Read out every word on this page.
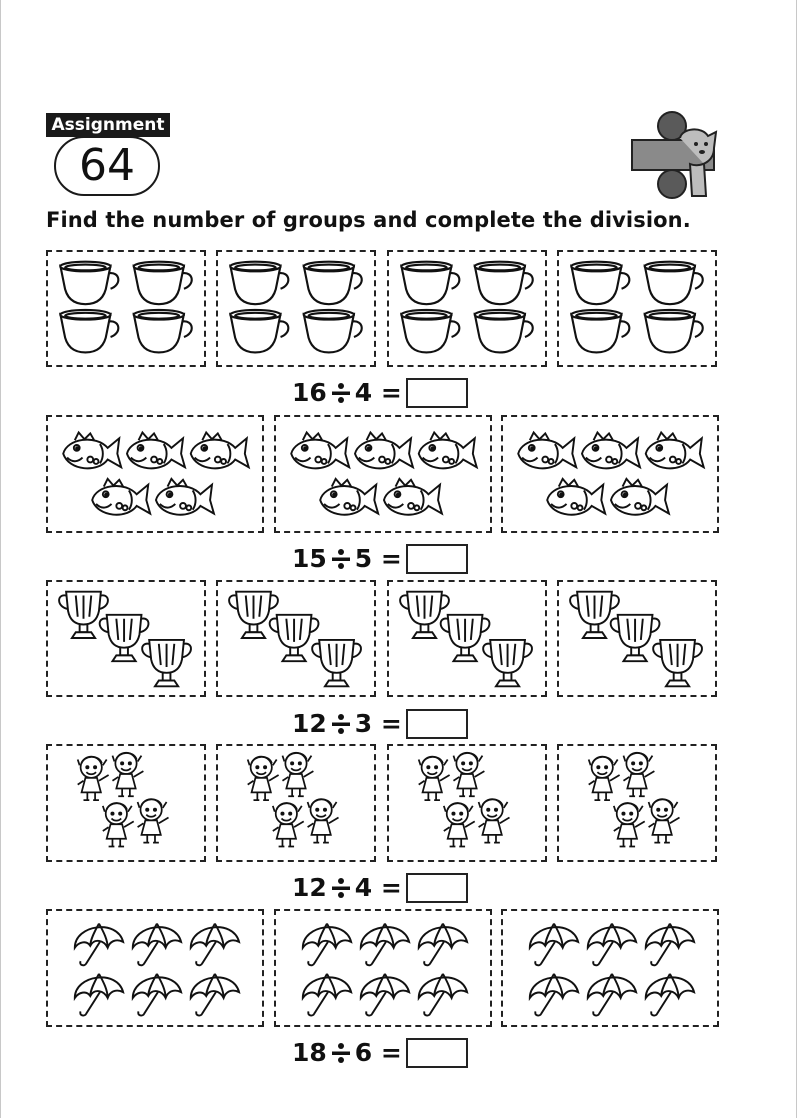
Assignment
64
Find the number of groups and complete the division.
16 4 =
15 5 =
12 3 =
12 4 =
18 6 =
